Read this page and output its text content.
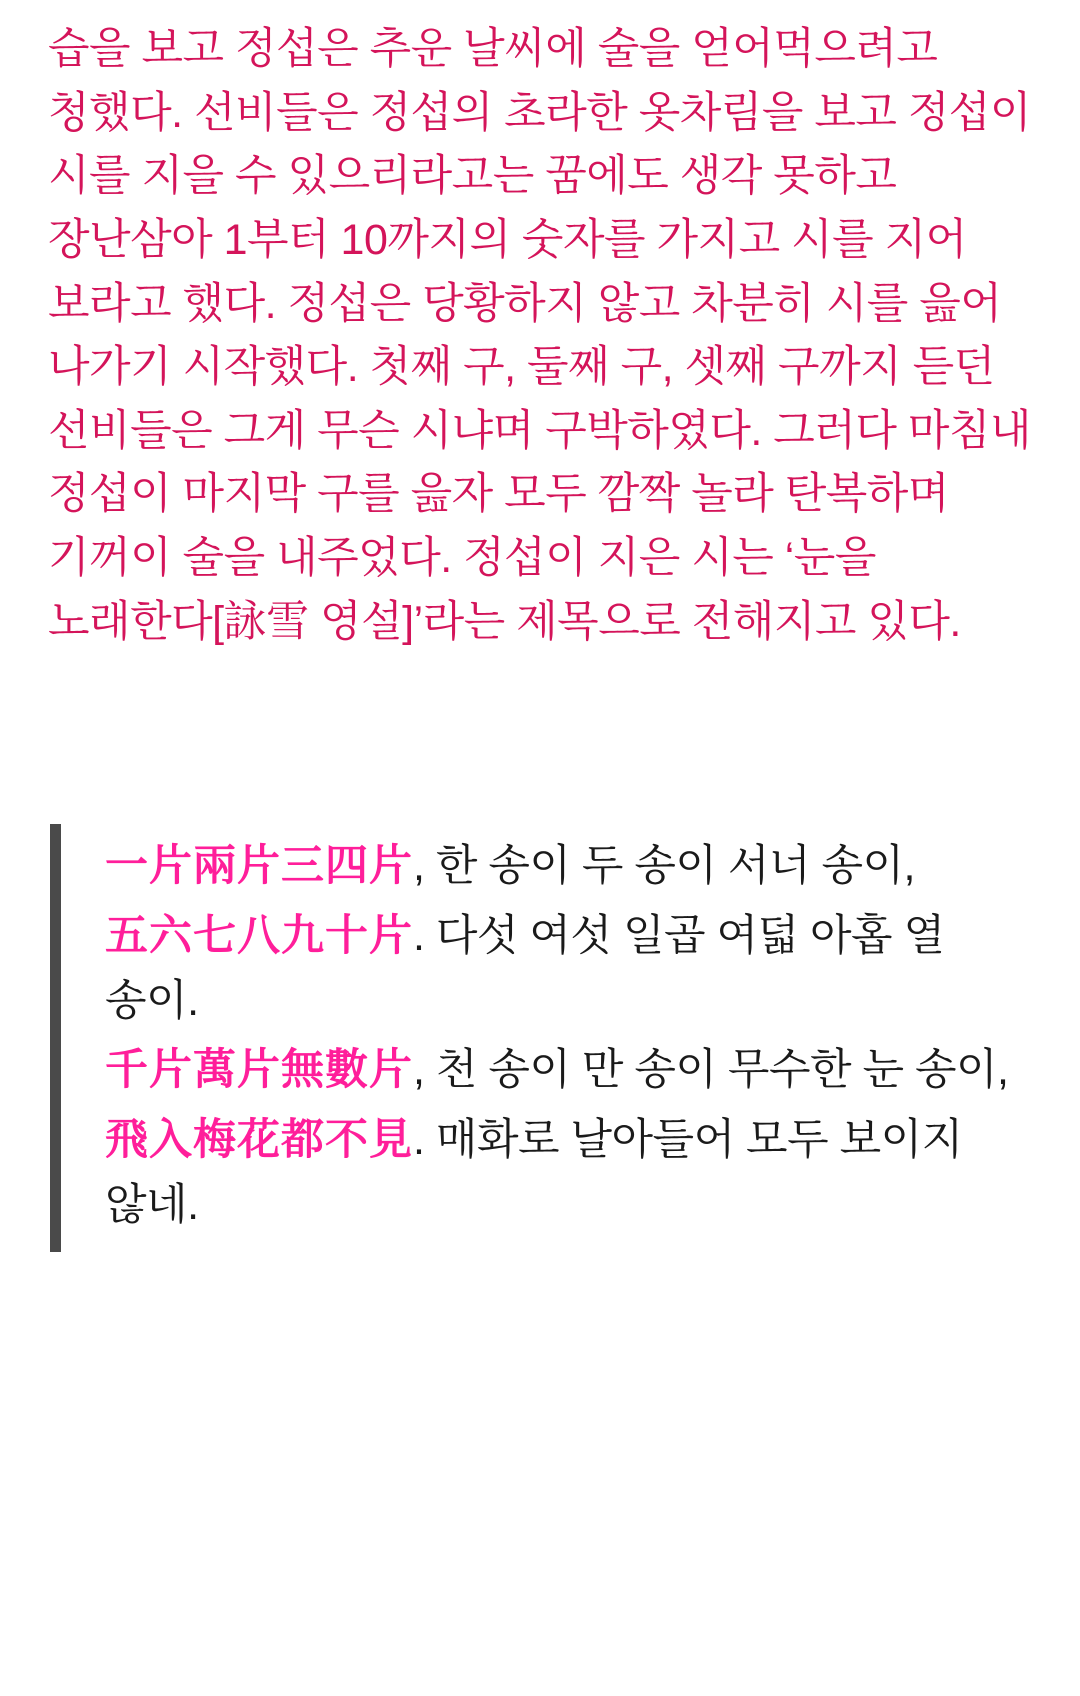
습을 보고 정섭은 추운 날씨에 술을 얻어먹으려고 청했다. 선비들은 정섭의 초라한 옷차림을 보고 정섭이 시를 지을 수 있으리라고는 꿈에도 생각 못하고 장난삼아 1부터 10까지의 숫자를 가지고 시를 지어 보라고 했다. 정섭은 당황하지 않고 차분히 시를 읊어 나가기 시작했다. 첫째 구, 둘째 구, 셋째 구까지 듣던 선비들은 그게 무슨 시냐며 구박하였다. 그러다 마침내 정섭이 마지막 구를 읊자 모두 깜짝 놀라 탄복하며 기꺼이 술을 내주었다. 정섭이 지은 시는 ‘눈을 노래한다[詠雪 영설]’라는 제목으로 전해지고 있다.

一片兩片三四片, 한 송이 두 송이 서너 송이,

五六七八九十片. 다섯 여섯 일곱 여덟 아홉 열 송이.

千片萬片無數片, 천 송이 만 송이 무수한 눈 송이,

飛入梅花都不見. 매화로 날아들어 모두 보이지 않네.
